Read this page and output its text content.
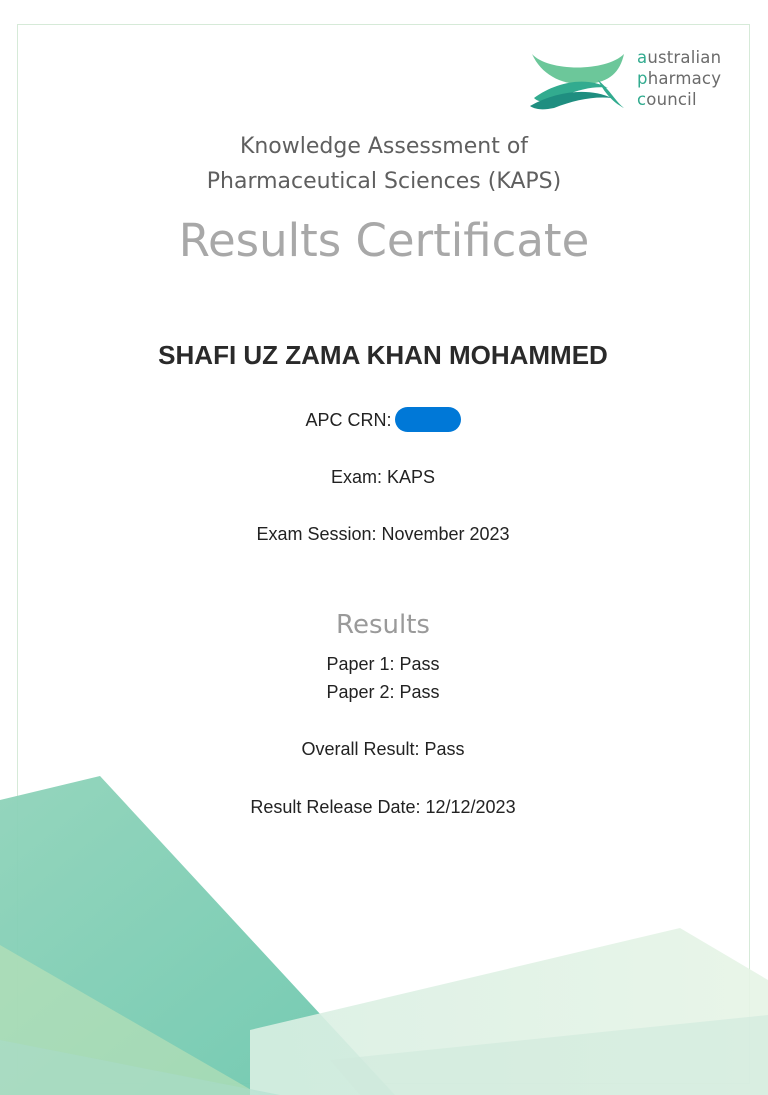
australian
pharmacy
council
Knowledge Assessment of
Pharmaceutical Sciences (KAPS)
Results Certificate
SHAFI UZ ZAMA KHAN MOHAMMED
APC CRN:
Exam: KAPS
Exam Session: November 2023
Results
Paper 1: Pass
Paper 2: Pass
Overall Result: Pass
Result Release Date: 12/12/2023
